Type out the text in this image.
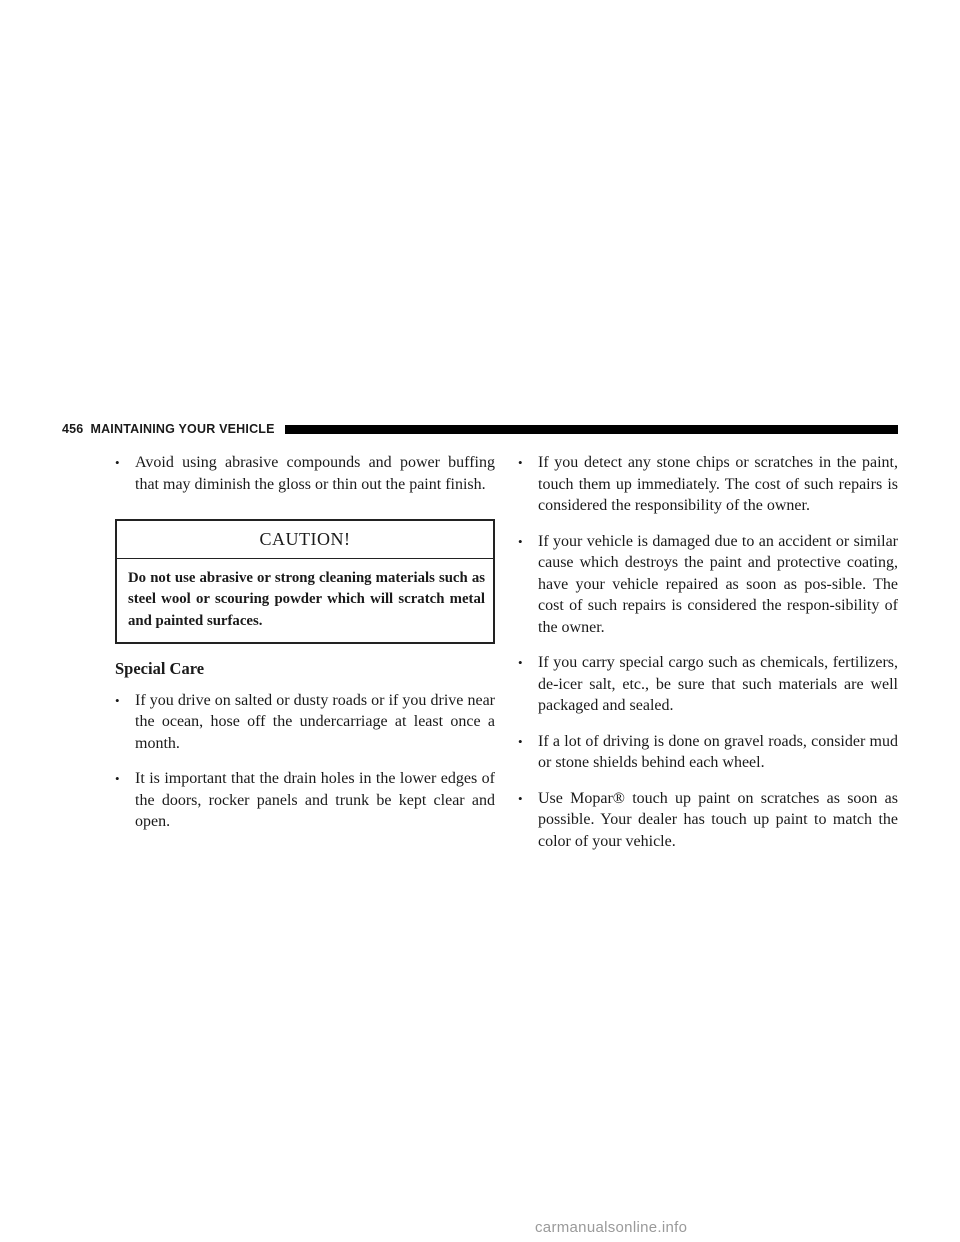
456 MAINTAINING YOUR VEHICLE
• Avoid using abrasive compounds and power buffing that may diminish the gloss or thin out the paint finish.
CAUTION!
Do not use abrasive or strong cleaning materials such as steel wool or scouring powder which will scratch metal and painted surfaces.
Special Care
• If you drive on salted or dusty roads or if you drive near the ocean, hose off the undercarriage at least once a month.
• It is important that the drain holes in the lower edges of the doors, rocker panels and trunk be kept clear and open.
• If you detect any stone chips or scratches in the paint, touch them up immediately. The cost of such repairs is considered the responsibility of the owner.
• If your vehicle is damaged due to an accident or similar cause which destroys the paint and protective coating, have your vehicle repaired as soon as pos-sible. The cost of such repairs is considered the respon-sibility of the owner.
• If you carry special cargo such as chemicals, fertilizers, de-icer salt, etc., be sure that such materials are well packaged and sealed.
• If a lot of driving is done on gravel roads, consider mud or stone shields behind each wheel.
• Use Mopar® touch up paint on scratches as soon as possible. Your dealer has touch up paint to match the color of your vehicle.
carmanualsonline.info
